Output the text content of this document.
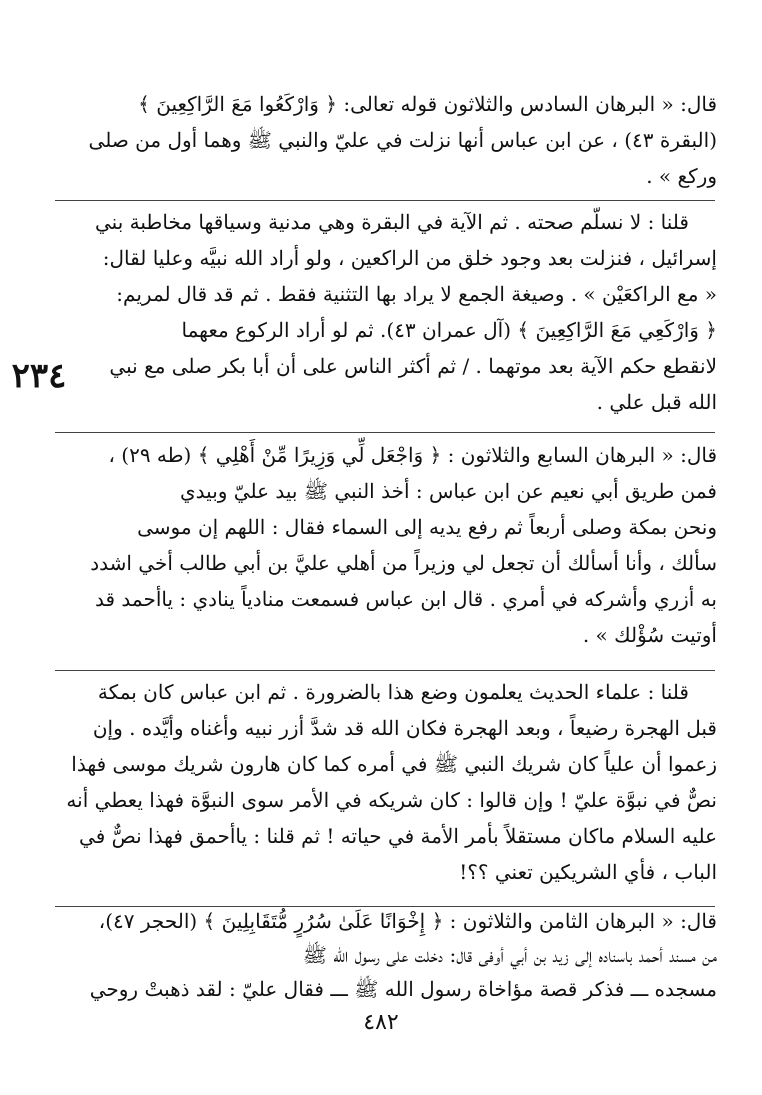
٢٣٤

قال: « البرهان السادس والثلاثون قوله تعالى: ﴿ وَارْكَعُوا مَعَ الرَّاكِعِينَ ﴾

(البقرة ٤٣) ، عن ابن عباس أنها نزلت في عليّ والنبي ﷺ وهما أول من صلى

وركع » .

قلنا : لا نسلّم صحته . ثم الآية في البقرة وهي مدنية وسياقها مخاطبة بني

إسرائيل ، فنزلت بعد وجود خلق من الراكعين ، ولو أراد الله نبيَّه وعليا لقال:

« مع الراكعَيْن » . وصيغة الجمع لا يراد بها التثنية فقط . ثم قد قال لمريم:

﴿ وَارْكَعِي مَعَ الرَّاكِعِينَ ﴾ (آل عمران ٤٣). ثم لو أراد الركوع معهما

لانقطع حكم الآية بعد موتهما . / ثم أكثر الناس على أن أبا بكر صلى مع نبي

الله قبل علي .

قال: « البرهان السابع والثلاثون : ﴿ وَاجْعَل لِّي وَزِيرًا مِّنْ أَهْلِي ﴾ (طه ٢٩) ،

فمن طريق أبي نعيم عن ابن عباس : أخذ النبي ﷺ بيد عليّ وبيدي

ونحن بمكة وصلى أربعاً ثم رفع يديه إلى السماء فقال : اللهم إن موسى

سألك ، وأنا أسألك أن تجعل لي وزيراً من أهلي عليَّ بن أبي طالب أخي اشدد

به أزري وأشركه في أمري . قال ابن عباس فسمعت منادياً ينادي : ياأحمد قد

أوتيت سُؤْلك » .

قلنا : علماء الحديث يعلمون وضع هذا بالضرورة . ثم ابن عباس كان بمكة

قبل الهجرة رضيعاً ، وبعد الهجرة فكان الله قد شدَّ أزر نبيه وأغناه وأيَّده . وإن

زعموا أن علياً كان شريك النبي ﷺ في أمره كما كان هارون شريك موسى فهذا

نصٌّ في نبوَّة عليّ ! وإن قالوا : كان شريكه في الأمر سوى النبوَّة فهذا يعطي أنه

عليه السلام ماكان مستقلاً بأمر الأمة في حياته ! ثم قلنا : ياأحمق فهذا نصٌّ في

الباب ، فأي الشريكين تعني ؟؟!

قال: « البرهان الثامن والثلاثون : ﴿ إِخْوَانًا عَلَىٰ سُرُرٍ مُّتَقَابِلِينَ ﴾ (الحجر ٤٧)،

من مسند أحمد باسناده إلى زيد بن أبي أوفى قال: دخلت على رسول الله ﷺ

مسجده ـــ فذكر قصة مؤاخاة رسول الله ﷺ ـــ فقال عليّ : لقد ذهبتْ روحي

٤٨٢
